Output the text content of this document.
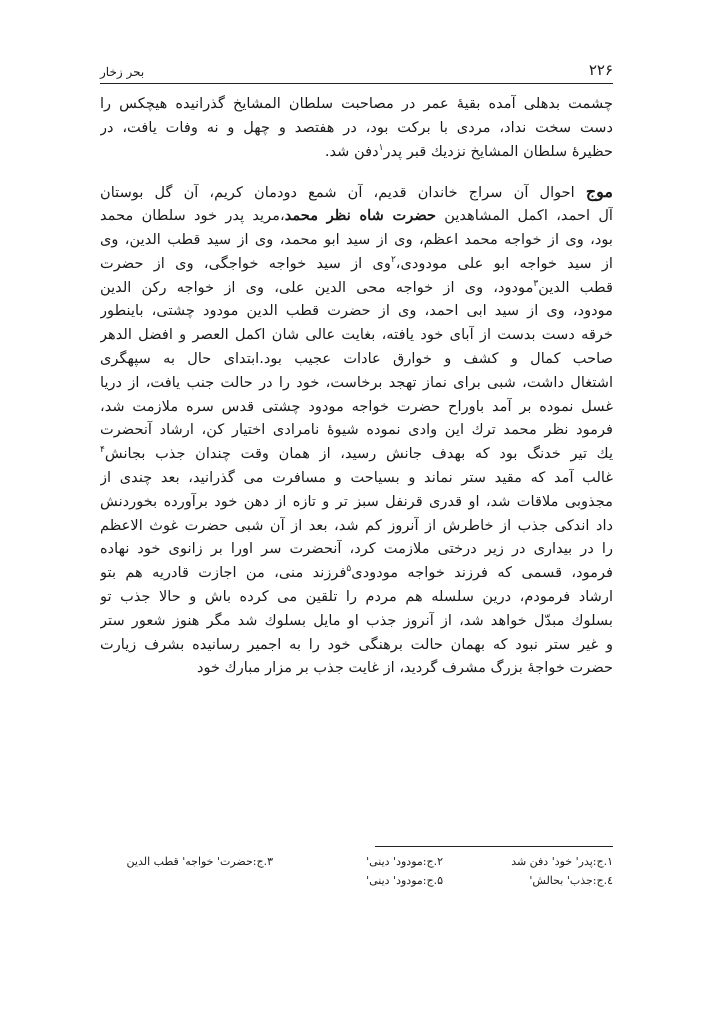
۲۲۶
بحر زخار
چشمت بدهلی آمده بقیهٔ عمر در مصاحبت سلطان المشایخ گذرانیده هیچکس را
دست سخت نداد، مردی با برکت بود، در هفتصد و چهل و نه وفات یافت، در
حظیرهٔ سلطان المشایخ نزدیك قبر پدر$^۱$دفن شد.
موج احوال آن سراج خاندان قدیم، آن شمع دودمان کریم، آن گل بوستان
آل احمد، اکمل المشاهدین حضرت شاه نظر محمد،مرید پدر خود سلطان محمد
بود، وی از خواجه محمد اعظم، وی از سید ابو محمد، وی از سید قطب الدین، وی
از سید خواجه ابو علی مودودی،$^۲$وی از سید خواجه خواجگی، وی از حضرت
قطب الدین$^۳$مودود، وی از خواجه محی الدین علی، وی از خواجه رکن الدین
مودود، وی از سید ابی احمد، وی از حضرت قطب الدین مودود چشتی، باینطور
خرقه دست بدست از آبای خود یافته، بغایت عالی شان اکمل العصر و افضل الدهر
صاحب کمال و کشف و خوارق عادات عجیب بود.ابتدای حال به سپهگری
اشتغال داشت، شبی برای نماز تهجد برخاست، خود را در حالت جنب یافت، از دریا
غسل نموده بر آمد باوراح حضرت خواجه مودود چشتی قدس سره ملازمت شد،
فرمود نظر محمد ترك این وادی نموده شیوهٔ نامرادی اختیار کن، ارشاد آنحضرت
یك تیر خدنگ بود که بهدف جانش رسید، از همان وقت چندان جذب بجانش$^۴$
غالب آمد که مقید ستر نماند و بسیاحت و مسافرت می گذرانید، بعد چندی از
مجذوبی ملاقات شد، او قدری قرنفل سبز تر و تازه از دهن خود برآورده بخوردنش
داد اندکی جذب از خاطرش از آنروز کم شد، بعد از آن شبی حضرت غوث الاعظم
را در بیداری در زیر درختی ملازمت کرد، آنحضرت سر اورا بر زانوی خود نهاده
فرمود، قسمی که فرزند خواجه مودودی$^۵$فرزند منی، من اجازت قادریه هم بتو
ارشاد فرمودم، درین سلسله هم مردم را تلقین می کرده باش و حالا جذب تو
بسلوك مبدّل خواهد شد، از آنروز جذب او مایل بسلوك شد مگر هنوز شعور ستر
و غیر ستر نبود که بهمان حالت برهنگی خود را به اجمیر رسانیده بشرف زیارت
حضرت خواجهٔ بزرگ مشرف گردید، از غایت جذب بر مزار مبارك خود
۱.ج:پدر' خود' دفن شد
۲.ج:مودود' دینی'
۳.ج:حضرت' خواجه' قطب الدین
٤.ج:جذب' بحالش'
۵.ج:مودود' دینی'
